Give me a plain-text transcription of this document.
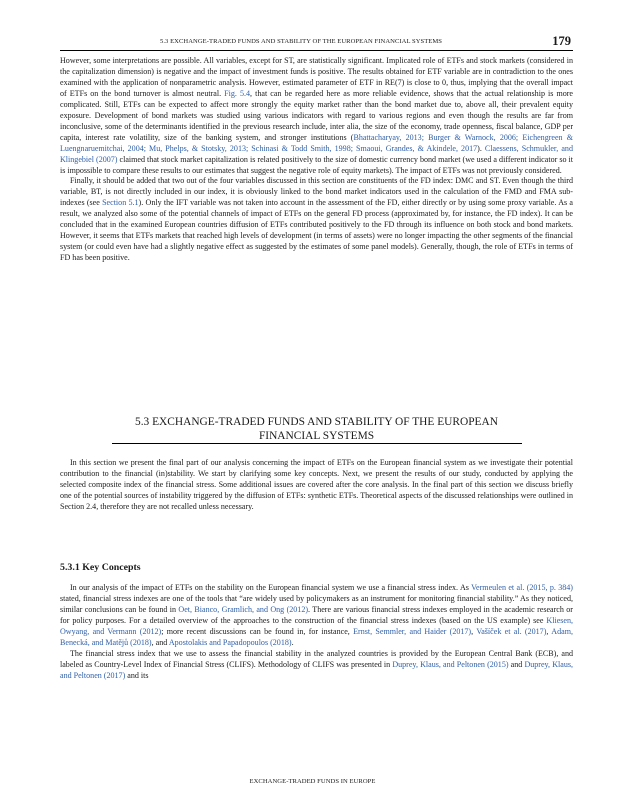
5.3 EXCHANGE-TRADED FUNDS AND STABILITY OF THE EUROPEAN FINANCIAL SYSTEMS	179

However, some interpretations are possible. All variables, except for ST, are statistically significant. Implicated role of ETFs and stock markets (considered in the capitalization dimension) is negative and the impact of investment funds is positive. The results obtained for ETF variable are in contradiction to the ones examined with the application of nonparametric analysis. However, estimated parameter of ETF in RE(7) is close to 0, thus, implying that the overall impact of ETFs on the bond turnover is almost neutral. Fig. 5.4, that can be regarded here as more reliable evidence, shows that the actual relationship is more complicated. Still, ETFs can be expected to affect more strongly the equity market rather than the bond market due to, above all, their prevalent equity exposure. Development of bond markets was studied using various indicators with regard to various regions and even though the results are far from inconclusive, some of the determinants identified in the previous research include, inter alia, the size of the economy, trade openness, fiscal balance, GDP per capita, interest rate volatility, size of the banking system, and stronger institutions (Bhattacharyay, 2013; Burger & Warnock, 2006; Eichengreen & Luengnaruemitchai, 2004; Mu, Phelps, & Stotsky, 2013; Schinasi & Todd Smith, 1998; Smaoui, Grandes, & Akindele, 2017). Claessens, Schmukler, and Klingebiel (2007) claimed that stock market capitalization is related positively to the size of domestic currency bond market (we used a different indicator so it is impossible to compare these results to our estimates that suggest the negative role of equity markets). The impact of ETFs was not previously considered.

Finally, it should be added that two out of the four variables discussed in this section are constituents of the FD index: DMC and ST. Even though the third variable, BT, is not directly included in our index, it is obviously linked to the bond market indicators used in the calculation of the FMD and FMA sub-indexes (see Section 5.1). Only the IFT variable was not taken into account in the assessment of the FD, either directly or by using some proxy variable. As a result, we analyzed also some of the potential channels of impact of ETFs on the general FD process (approximated by, for instance, the FD index). It can be concluded that in the examined European countries diffusion of ETFs contributed positively to the FD through its influence on both stock and bond markets. However, it seems that ETFs markets that reached high levels of development (in terms of assets) were no longer impacting the other segments of the financial system (or could even have had a slightly negative effect as suggested by the estimates of some panel models). Generally, though, the role of ETFs in terms of FD has been positive.

5.3 EXCHANGE-TRADED FUNDS AND STABILITY OF THE EUROPEAN
FINANCIAL SYSTEMS

In this section we present the final part of our analysis concerning the impact of ETFs on the European financial system as we investigate their potential contribution to the financial (in)stability. We start by clarifying some key concepts. Next, we present the results of our study, conducted by applying the selected composite index of the financial stress. Some additional issues are covered after the core analysis. In the final part of this section we discuss briefly one of the potential sources of instability triggered by the diffusion of ETFs: synthetic ETFs. Theoretical aspects of the discussed relationships were outlined in Section 2.4, therefore they are not recalled unless necessary.

5.3.1 Key Concepts

In our analysis of the impact of ETFs on the stability on the European financial system we use a financial stress index. As Vermeulen et al. (2015, p. 384) stated, financial stress indexes are one of the tools that “are widely used by policymakers as an instrument for monitoring financial stability.” As they noticed, similar conclusions can be found in Oet, Bianco, Gramlich, and Ong (2012). There are various financial stress indexes employed in the academic research or for policy purposes. For a detailed overview of the approaches to the construction of the financial stress indexes (based on the US example) see Kliesen, Owyang, and Vermann (2012); more recent discussions can be found in, for instance, Ernst, Semmler, and Haider (2017), Vašíček et al. (2017), Adam, Benecká, and Matějů (2018), and Apostolakis and Papadopoulos (2018).

The financial stress index that we use to assess the financial stability in the analyzed countries is provided by the European Central Bank (ECB), and labeled as Country-Level Index of Financial Stress (CLIFS). Methodology of CLIFS was presented in Duprey, Klaus, and Peltonen (2015) and Duprey, Klaus, and Peltonen (2017) and its

EXCHANGE-TRADED FUNDS IN EUROPE
